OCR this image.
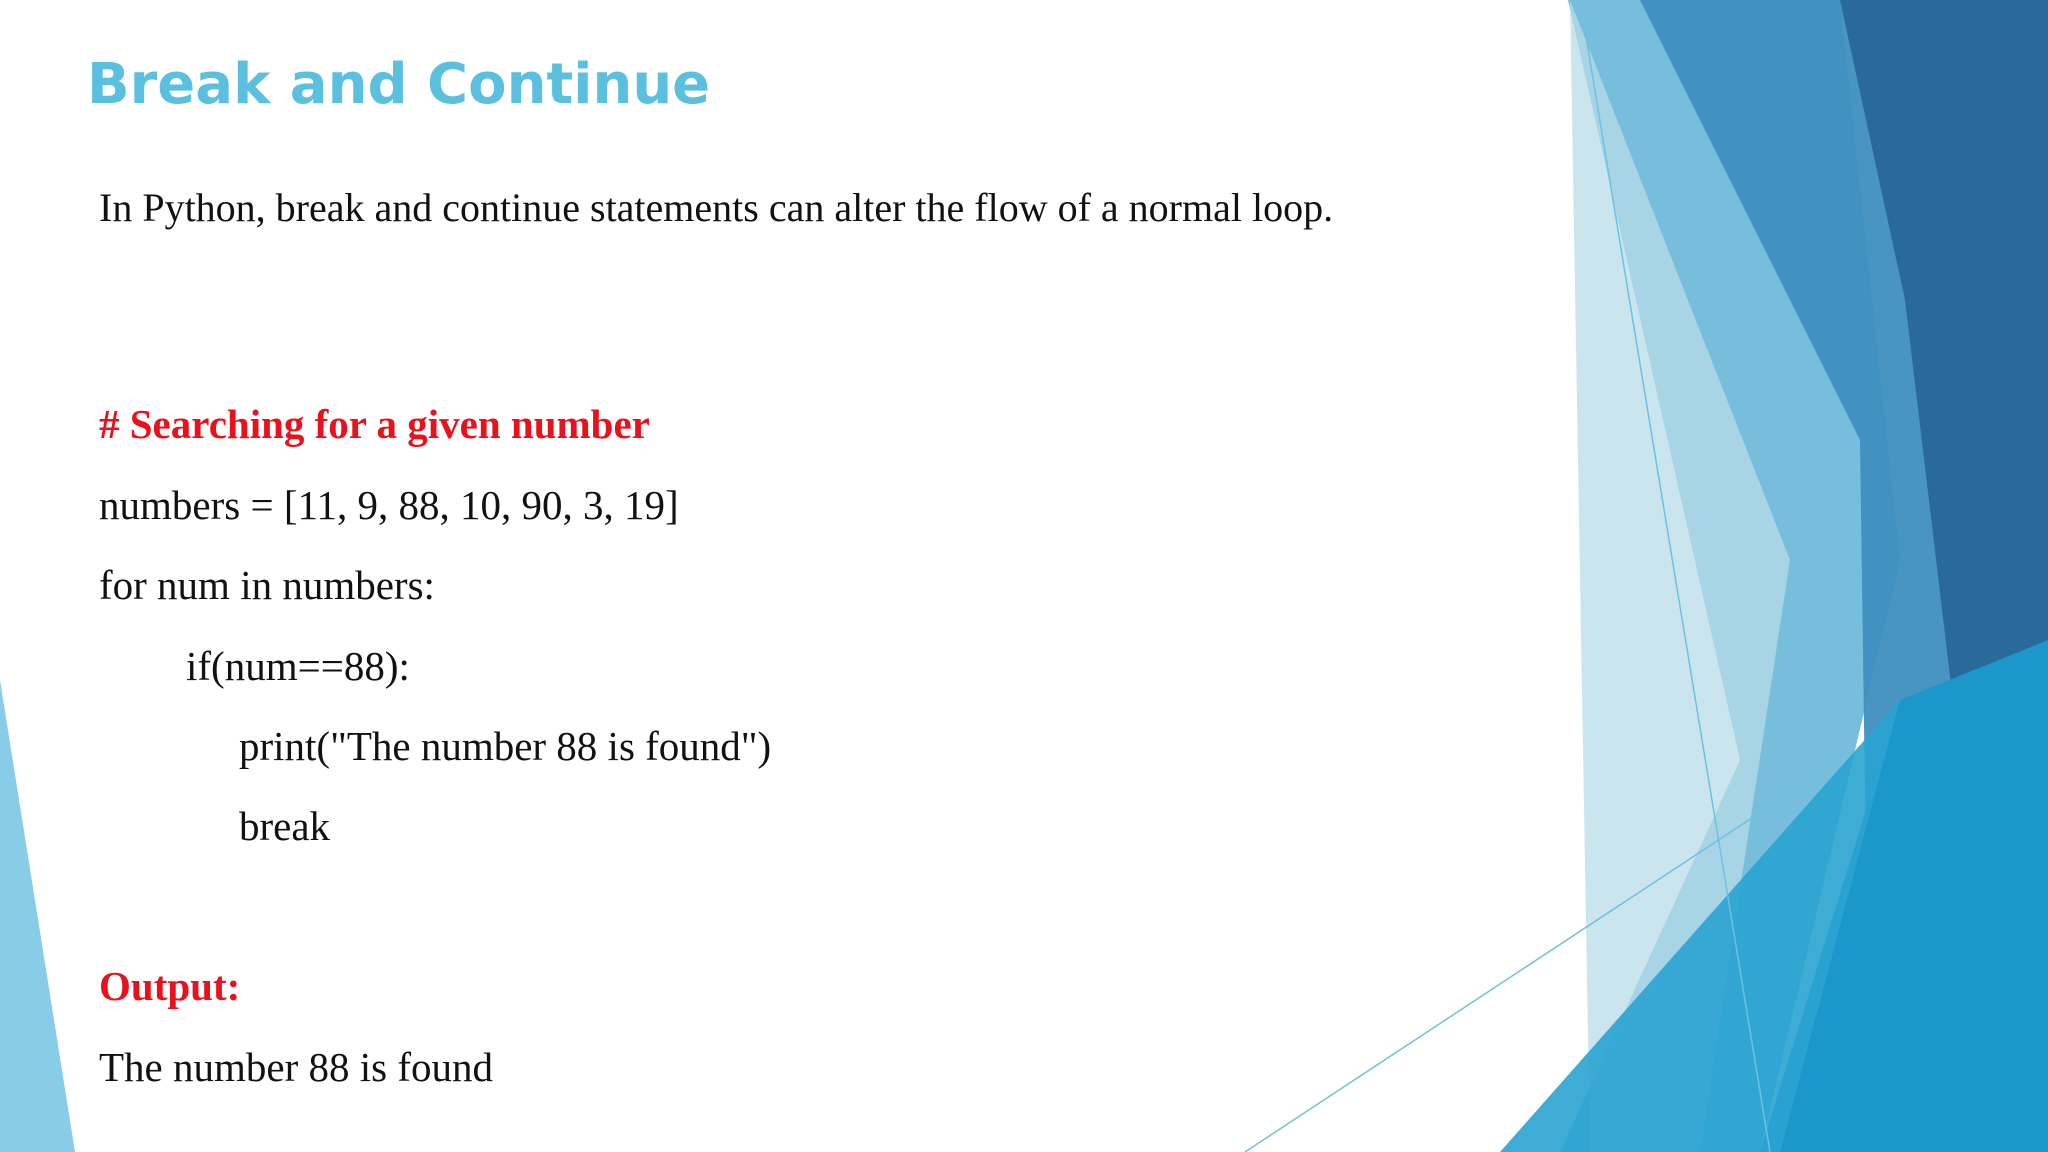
Break and Continue
In Python, break and continue statements can alter the flow of a normal loop.
# Searching for a given number
numbers = [11, 9, 88, 10, 90, 3, 19]
for num in numbers:
if(num==88):
print("The number 88 is found")
break
Output:
The number 88 is found
